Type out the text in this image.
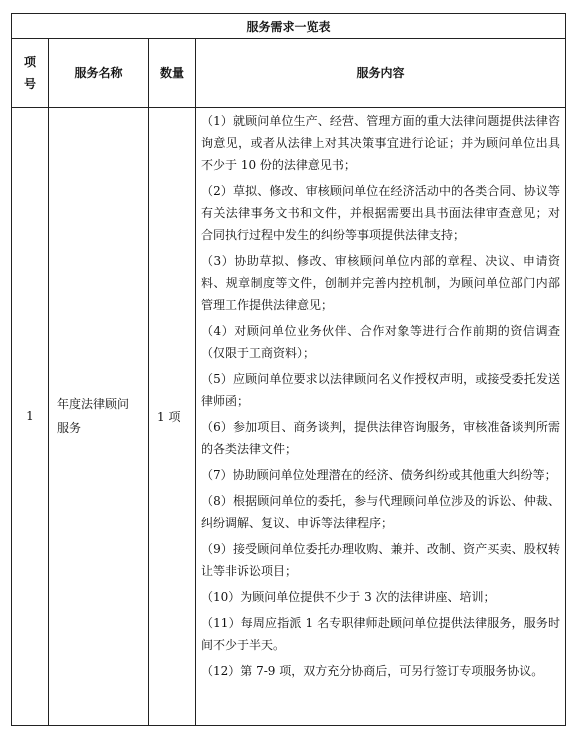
服务需求一览表
项
号
服务名称	数量	服务内容
1
年度法律顾问
服务
1 项

（1）就顾问单位生产、经营、管理方面的重大法律问题提供法律咨询意见，或者从法律上对其决策事宜进行论证；并为顾问单位出具不少于 10 份的法律意见书；

（2）草拟、修改、审核顾问单位在经济活动中的各类合同、协议等有关法律事务文书和文件，并根据需要出具书面法律审查意见；对合同执行过程中发生的纠纷等事项提供法律支持；

（3）协助草拟、修改、审核顾问单位内部的章程、决议、申请资料、规章制度等文件，创制并完善内控机制，为顾问单位部门内部管理工作提供法律意见；

（4）对顾问单位业务伙伴、合作对象等进行合作前期的资信调查（仅限于工商资料）；

（5）应顾问单位要求以法律顾问名义作授权声明，或接受委托发送律师函；

（6）参加项目、商务谈判，提供法律咨询服务，审核准备谈判所需的各类法律文件；

（7）协助顾问单位处理潜在的经济、债务纠纷或其他重大纠纷等；

（8）根据顾问单位的委托，参与代理顾问单位涉及的诉讼、仲裁、纠纷调解、复议、申诉等法律程序；

（9）接受顾问单位委托办理收购、兼并、改制、资产买卖、股权转让等非诉讼项目；

（10）为顾问单位提供不少于 3 次的法律讲座、培训；

（11）每周应指派 1 名专职律师赴顾问单位提供法律服务，服务时间不少于半天。

（12）第 7-9 项，双方充分协商后，可另行签订专项服务协议。
